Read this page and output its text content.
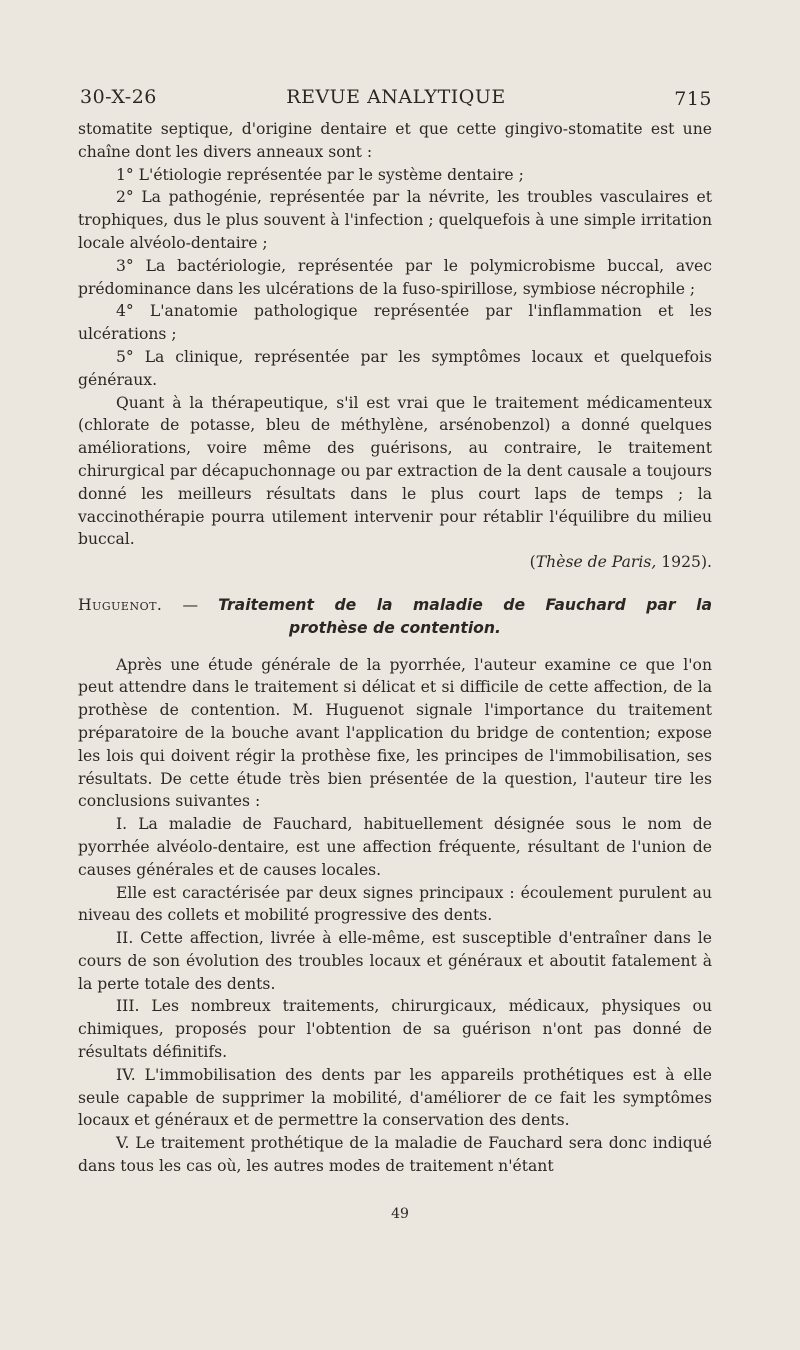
30-X-26	REVUE ANALYTIQUE	715

stomatite septique, d'origine dentaire et que cette gingivo-stomatite est une chaîne dont les divers anneaux sont :

1° L'étiologie représentée par le système dentaire ;

2° La pathogénie, représentée par la névrite, les troubles vasculaires et trophiques, dus le plus souvent à l'infection ; quelquefois à une simple irritation locale alvéolo-dentaire ;

3° La bactériologie, représentée par le polymicrobisme buccal, avec prédominance dans les ulcérations de la fuso-spirillose, symbiose nécrophile ;

4° L'anatomie pathologique représentée par l'inflammation et les ulcérations ;

5° La clinique, représentée par les symptômes locaux et quelquefois généraux.

Quant à la thérapeutique, s'il est vrai que le traitement médicamenteux (chlorate de potasse, bleu de méthylène, arsénobenzol) a donné quelques améliorations, voire même des guérisons, au contraire, le traitement chirurgical par décapuchonnage ou par extraction de la dent causale a toujours donné les meilleurs résultats dans le plus court laps de temps ; la vaccinothérapie pourra utilement intervenir pour rétablir l'équilibre du milieu buccal.

(Thèse de Paris, 1925).

Huguenot. — Traitement de la maladie de Fauchard par la

prothèse de contention.

Après une étude générale de la pyorrhée, l'auteur examine ce que l'on peut attendre dans le traitement si délicat et si difficile de cette affection, de la prothèse de contention. M. Huguenot signale l'importance du traitement préparatoire de la bouche avant l'application du bridge de contention; expose les lois qui doivent régir la prothèse fixe, les principes de l'immobilisation, ses résultats. De cette étude très bien présentée de la question, l'auteur tire les conclusions suivantes :

I. La maladie de Fauchard, habituellement désignée sous le nom de pyorrhée alvéolo-dentaire, est une affection fréquente, résultant de l'union de causes générales et de causes locales.

Elle est caractérisée par deux signes principaux : écoulement purulent au niveau des collets et mobilité progressive des dents.

II. Cette affection, livrée à elle-même, est susceptible d'entraîner dans le cours de son évolution des troubles locaux et généraux et aboutit fatalement à la perte totale des dents.

III. Les nombreux traitements, chirurgicaux, médicaux, physiques ou chimiques, proposés pour l'obtention de sa guérison n'ont pas donné de résultats définitifs.

IV. L'immobilisation des dents par les appareils prothétiques est à elle seule capable de supprimer la mobilité, d'améliorer de ce fait les symptômes locaux et généraux et de permettre la conservation des dents.

V. Le traitement prothétique de la maladie de Fauchard sera donc indiqué dans tous les cas où, les autres modes de traitement n'étant

49
